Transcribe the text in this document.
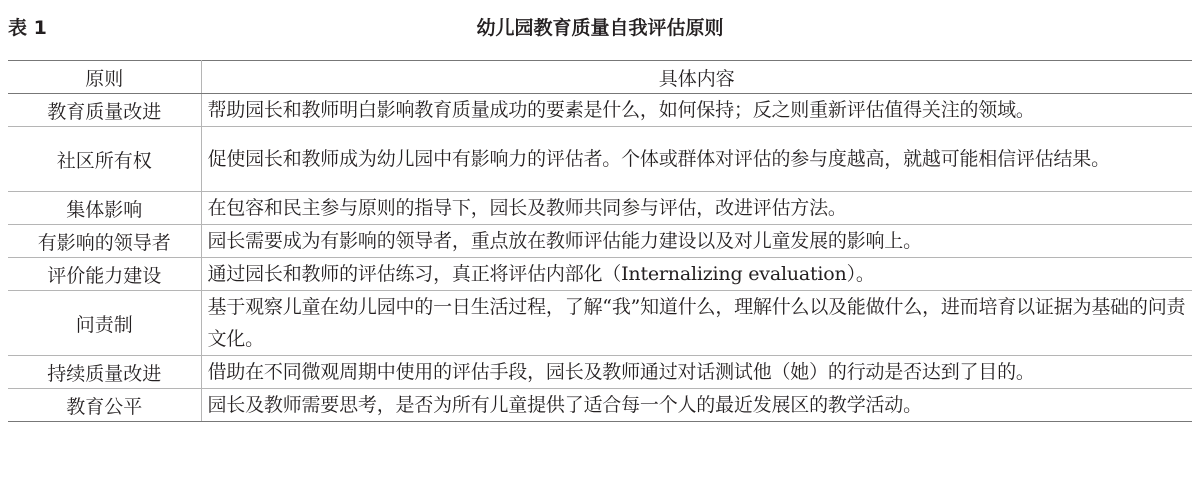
表 1	幼儿园教育质量自我评估原则
原则	具体内容
教育质量改进	帮助园长和教师明白影响教育质量成功的要素是什么，如何保持；反之则重新评估值得关注的领域。
社区所有权	促使园长和教师成为幼儿园中有影响力的评估者。个体或群体对评估的参与度越高，就越可能相信评估结果。
集体影响	在包容和民主参与原则的指导下，园长及教师共同参与评估，改进评估方法。
有影响的领导者	园长需要成为有影响的领导者，重点放在教师评估能力建设以及对儿童发展的影响上。
评价能力建设	通过园长和教师的评估练习，真正将评估内部化（Internalizing evaluation）。
问责制	基于观察儿童在幼儿园中的一日生活过程，了解“我”知道什么，理解什么以及能做什么，进而培育以证据为基础的问责文化。
持续质量改进	借助在不同微观周期中使用的评估手段，园长及教师通过对话测试他（她）的行动是否达到了目的。
教育公平	园长及教师需要思考，是否为所有儿童提供了适合每一个人的最近发展区的教学活动。
